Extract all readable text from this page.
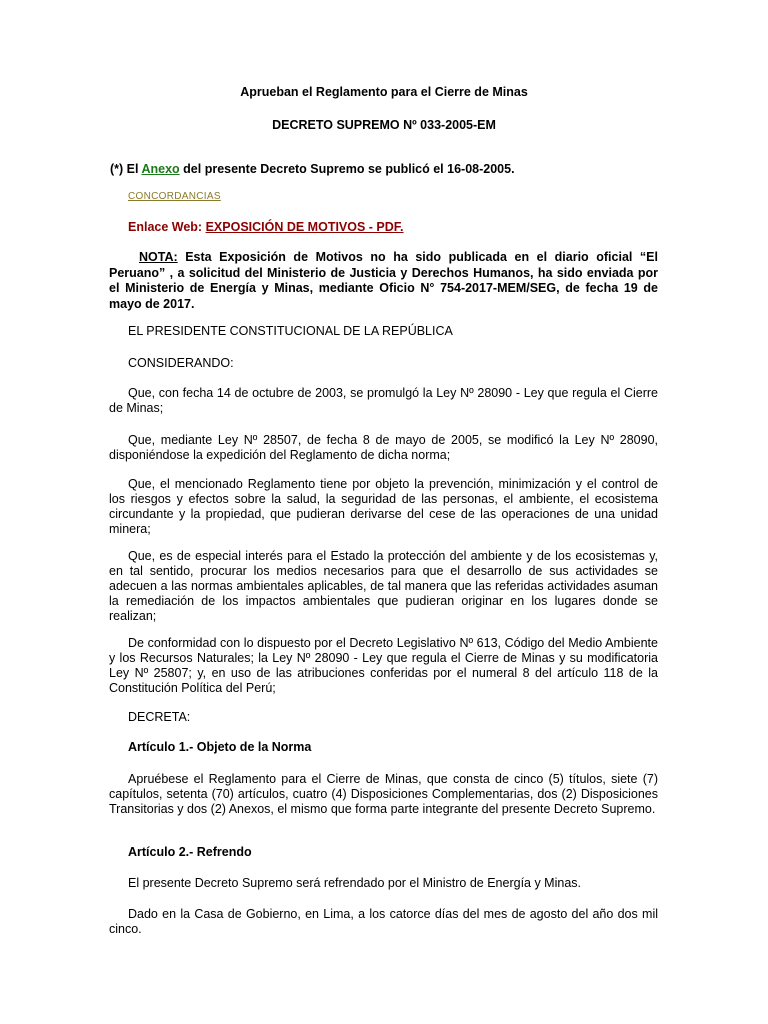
Aprueban el Reglamento para el Cierre de Minas
DECRETO SUPREMO Nº 033-2005-EM
(*) El Anexo del presente Decreto Supremo se publicó el 16-08-2005.
CONCORDANCIAS
Enlace Web: EXPOSICIÓN DE MOTIVOS - PDF.
NOTA: Esta Exposición de Motivos no ha sido publicada en el diario oficial “El Peruano” , a solicitud del Ministerio de Justicia y Derechos Humanos, ha sido enviada por el Ministerio de Energía y Minas, mediante Oficio N° 754-2017-MEM/SEG, de fecha 19 de mayo de 2017.
EL PRESIDENTE CONSTITUCIONAL DE LA REPÚBLICA
CONSIDERANDO:
Que, con fecha 14 de octubre de 2003, se promulgó la Ley Nº 28090 - Ley que regula el Cierre de Minas;
Que, mediante Ley Nº 28507, de fecha 8 de mayo de 2005, se modificó la Ley Nº 28090, disponiéndose la expedición del Reglamento de dicha norma;
Que, el mencionado Reglamento tiene por objeto la prevención, minimización y el control de los riesgos y efectos sobre la salud, la seguridad de las personas, el ambiente, el ecosistema circundante y la propiedad, que pudieran derivarse del cese de las operaciones de una unidad minera;
Que, es de especial interés para el Estado la protección del ambiente y de los ecosistemas y, en tal sentido, procurar los medios necesarios para que el desarrollo de sus actividades se adecuen a las normas ambientales aplicables, de tal manera que las referidas actividades asuman la remediación de los impactos ambientales que pudieran originar en los lugares donde se realizan;
De conformidad con lo dispuesto por el Decreto Legislativo Nº 613, Código del Medio Ambiente y los Recursos Naturales; la Ley Nº 28090 - Ley que regula el Cierre de Minas y su modificatoria Ley Nº 25807; y, en uso de las atribuciones conferidas por el numeral 8 del artículo 118 de la Constitución Política del Perú;
DECRETA:
Artículo 1.- Objeto de la Norma
Apruébese el Reglamento para el Cierre de Minas, que consta de cinco (5) títulos, siete (7) capítulos, setenta (70) artículos, cuatro (4) Disposiciones Complementarias, dos (2) Disposiciones Transitorias y dos (2) Anexos, el mismo que forma parte integrante del presente Decreto Supremo.
Artículo 2.- Refrendo
El presente Decreto Supremo será refrendado por el Ministro de Energía y Minas.
Dado en la Casa de Gobierno, en Lima, a los catorce días del mes de agosto del año dos mil cinco.
